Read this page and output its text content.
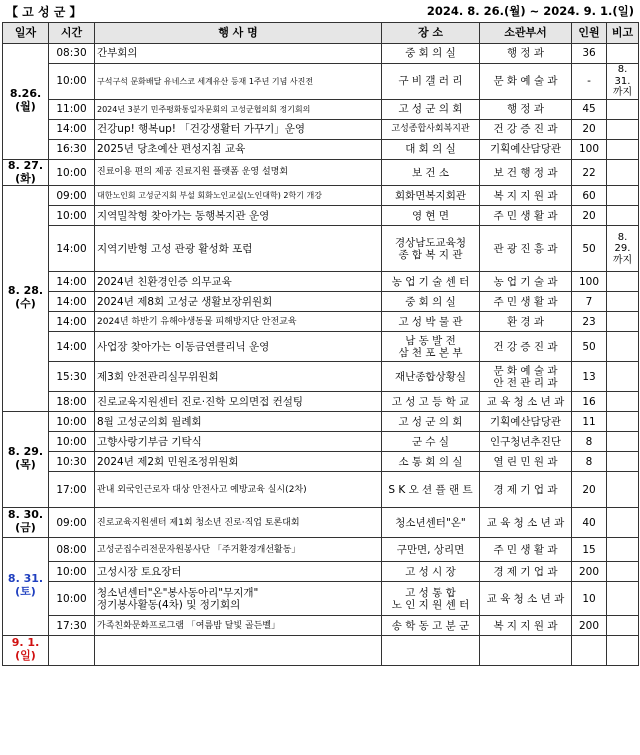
【 고 성 군 】	2024. 8. 26.(월) ~ 2024. 9. 1.(일)
일자	시간	행 사 명	장 소	소관부서	인원	비고

8.26.
(월)	08:30	간부회의	중 회 의 실	행 정 과	36	
	10:00	구석구석 문화배달 유네스코 세계유산 등재 1주년 기념 사진전	구 비 갤 러 리	문 화 예 술 과	-	8. 31. 까지
	11:00	2024년 3분기 민주평화통일자문회의 고성군협의회 정기회의	고 성 군 의 회	행 정 과	45	
	14:00	건강up! 행복up! 「건강생활터 가꾸기」운영	고성종합사회복지관	건 강 증 진 과	20	
	16:30	2025년 당초예산 편성지침 교육	대 회 의 실	기획예산담당관	100	

8. 27.
(화)	10:00	진료이용 편의 제공 진료지원 플랫폼 운영 설명회	보 건 소	보 건 행 정 과	22	

8. 28.
(수)	09:00	대한노인회 고성군지회 부설 회화노인교실(노인대학) 2학기 개강	회화면복지회관	복 지 지 원 과	60	
	10:00	지역밀착형 찾아가는 동행복지관 운영	영 현 면	주 민 생 활 과	20	
	14:00	지역기반형 고성 관광 활성화 포럼	경상남도교육청
종 합 복 지 관	관 광 진 흥 과	50	8. 29. 까지
	14:00	2024년 친환경인증 의무교육	농 업 기 술 센 터	농 업 기 술 과	100	
	14:00	2024년 제8회 고성군 생활보장위원회	중 회 의 실	주 민 생 활 과	7	
	14:00	2024년 하반기 유해야생동물 피해방지단 안전교육	고 성 박 물 관	환 경 과	23	
	14:00	사업장 찾아가는 이동금연클리닉 운영	남 동 발 전
삼 천 포 본 부	건 강 증 진 과	50	
	15:30	제3회 안전관리실무위원회	재난종합상황실	문 화 예 술 과
안 전 관 리 과	13	
	18:00	진로교육지원센터 진로·진학 모의면접 컨설팅	고 성 고 등 학 교	교 육 청 소 년 과	16	

8. 29.
(목)	10:00	8월 고성군의회 월례회	고 성 군 의 회	기획예산담당관	11	
	10:00	고향사랑기부금 기탁식	군 수 실	인구청년추진단	8	
	10:30	2024년 제2회 민원조정위원회	소 통 회 의 실	열 린 민 원 과	8	
	17:00	관내 외국인근로자 대상 안전사고 예방교육 실시(2차)	S K 오 션 플 랜 트	경 제 기 업 과	20	

8. 30.
(금)	09:00	진로교육지원센터 제1회 청소년 진로·직업 토론대회	청소년센터"온"	교 육 청 소 년 과	40	

8. 31.
(토)	08:00	고성군집수리전문자원봉사단 「주거환경개선활동」	구만면, 상리면	주 민 생 활 과	15	
	10:00	고성시장 토요장터	고 성 시 장	경 제 기 업 과	200	
	10:00	청소년센터"온"봉사동아리"무지개"
정기봉사활동(4차) 및 정기회의	고 성 통 합
노 인 지 원 센 터	교 육 청 소 년 과	10	
	17:30	가족친화문화프로그램 「여름밤 달빛 골든벨」	송 학 동 고 분 군	복 지 지 원 과	200	

9. 1.
(일)						
